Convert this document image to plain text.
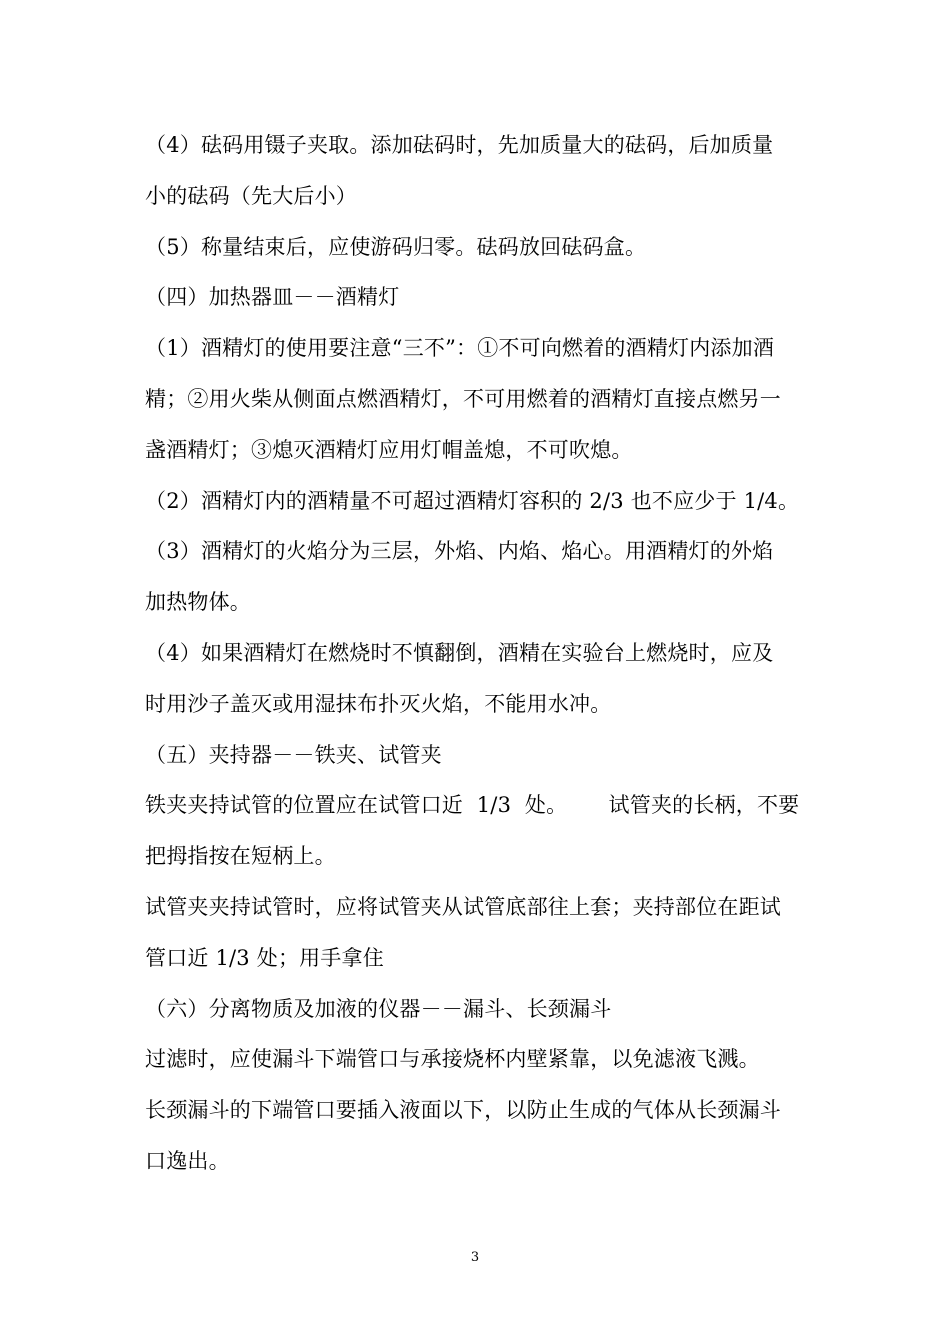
（4）砝码用镊子夹取。添加砝码时，先加质量大的砝码，后加质量
小的砝码（先大后小）
（5）称量结束后，应使游码归零。砝码放回砝码盒。
（四）加热器皿－－酒精灯
（1）酒精灯的使用要注意“三不”：①不可向燃着的酒精灯内添加酒
精；②用火柴从侧面点燃酒精灯，不可用燃着的酒精灯直接点燃另一
盏酒精灯；③熄灭酒精灯应用灯帽盖熄，不可吹熄。
（2）酒精灯内的酒精量不可超过酒精灯容积的 2/3 也不应少于 1/4。
（3）酒精灯的火焰分为三层，外焰、内焰、焰心。用酒精灯的外焰
加热物体。
（4）如果酒精灯在燃烧时不慎翻倒，酒精在实验台上燃烧时，应及
时用沙子盖灭或用湿抹布扑灭火焰，不能用水冲。
（五）夹持器－－铁夹、试管夹
铁夹夹持试管的位置应在试管口近  1/3  处。      试管夹的长柄，不要
把拇指按在短柄上。
试管夹夹持试管时，应将试管夹从试管底部往上套；夹持部位在距试
管口近 1/3 处；用手拿住
（六）分离物质及加液的仪器－－漏斗、长颈漏斗
过滤时，应使漏斗下端管口与承接烧杯内壁紧靠，以免滤液飞溅。
长颈漏斗的下端管口要插入液面以下，以防止生成的气体从长颈漏斗
口逸出。
3
